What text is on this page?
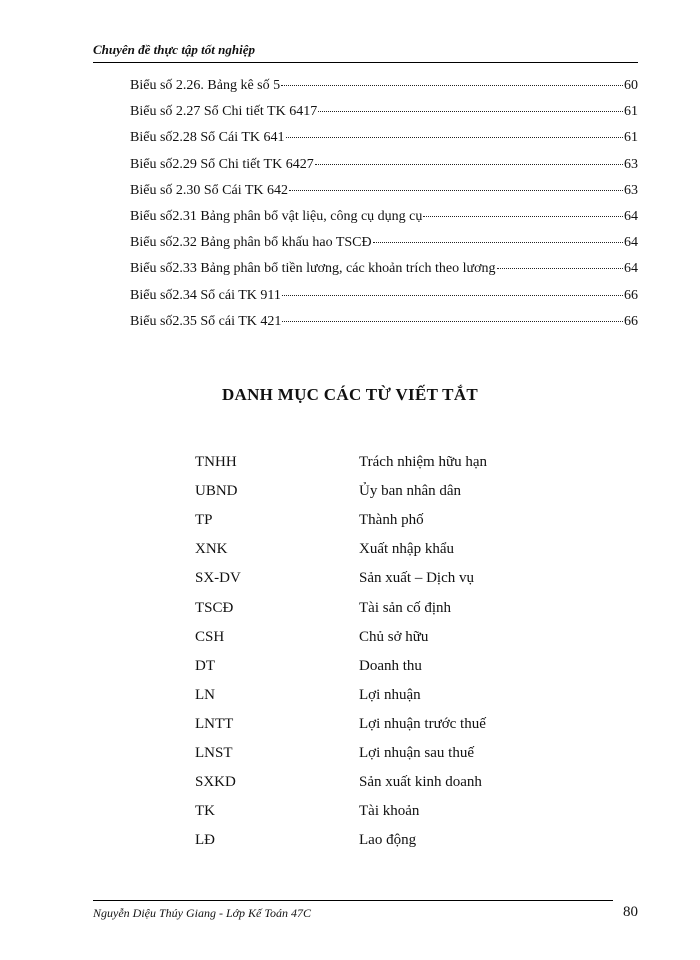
Chuyên đề thực tập tốt nghiệp
Biểu số 2.26. Bảng kê số 5	60
Biểu số 2.27 Sổ Chi tiết TK 6417	61
Biểu số2.28 Sổ Cái TK 641	61
Biểu số2.29 Sổ Chi tiết TK 6427	63
Biểu số 2.30 Sổ Cái TK 642	63
Biểu số2.31 Bảng phân bổ vật liệu, công cụ dụng cụ	64
Biểu số2.32 Bảng phân bổ khấu hao TSCĐ	64
Biểu số2.33 Bảng phân bổ tiền lương, các khoản trích theo lương	64
Biểu số2.34 Sổ cái TK 911	66
Biểu số2.35 Sổ cái TK 421	66
DANH MỤC CÁC TỪ VIẾT TẮT
TNHH	Trách nhiệm hữu hạn
UBND	Ủy ban nhân dân
TP	Thành phố
XNK	Xuất nhập khẩu
SX-DV	Sản xuất – Dịch vụ
TSCĐ	Tài sản cố định
CSH	Chủ sở hữu
DT	Doanh thu
LN	Lợi nhuận
LNTT	Lợi nhuận trước thuế
LNST	Lợi nhuận sau thuế
SXKD	Sản xuất kinh doanh
TK	Tài khoản
LĐ	Lao động
Nguyễn Diệu Thúy Giang - Lớp Kế Toán 47C	80
